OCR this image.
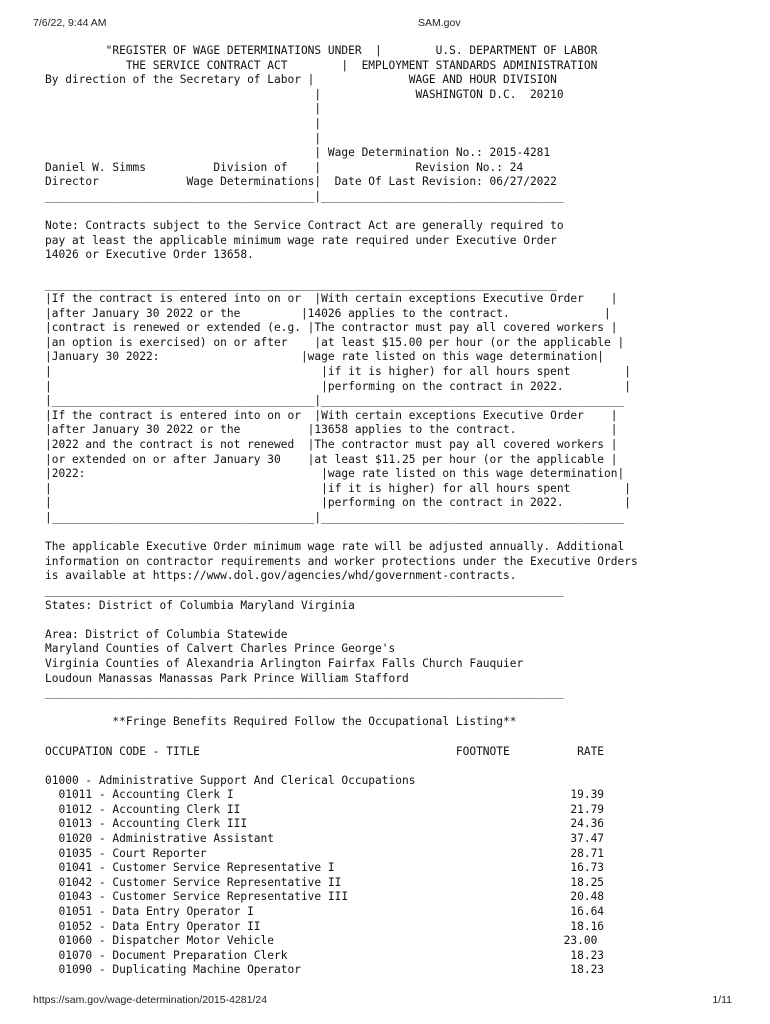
7/6/22, 9:44 AM	SAM.gov
"REGISTER OF WAGE DETERMINATIONS UNDER  |        U.S. DEPARTMENT OF LABOR
THE SERVICE CONTRACT ACT        |  EMPLOYMENT STANDARDS ADMINISTRATION
By direction of the Secretary of Labor |              WAGE AND HOUR DIVISION
|              WASHINGTON D.C.  20210
|
|
|
| Wage Determination No.: 2015-4281
Daniel W. Simms          Division of    |              Revision No.: 24
Director             Wage Determinations|  Date Of Last Revision: 06/27/2022
________________________________________|____________________________________
Note: Contracts subject to the Service Contract Act are generally required to
pay at least the applicable minimum wage rate required under Executive Order
14026 or Executive Order 13658.
____________________________________________________________________________
|If the contract is entered into on or  |With certain exceptions Executive Order    |
|after January 30 2022 or the         |14026 applies to the contract.              |
|contract is renewed or extended (e.g. |The contractor must pay all covered workers |
|an option is exercised) on or after    |at least $15.00 per hour (or the applicable |
|January 30 2022:                     |wage rate listed on this wage determination|
|                                        |if it is higher) for all hours spent        |
|                                        |performing on the contract in 2022.         |
|_______________________________________|_____________________________________________
|If the contract is entered into on or  |With certain exceptions Executive Order    |
|after January 30 2022 or the          |13658 applies to the contract.              |
|2022 and the contract is not renewed  |The contractor must pay all covered workers |
|or extended on or after January 30    |at least $11.25 per hour (or the applicable |
|2022:                                   |wage rate listed on this wage determination|
|                                        |if it is higher) for all hours spent        |
|                                        |performing on the contract in 2022.         |
|_______________________________________|_____________________________________________
The applicable Executive Order minimum wage rate will be adjusted annually. Additional
information on contractor requirements and worker protections under the Executive Orders
is available at https://www.dol.gov/agencies/whd/government-contracts.
_____________________________________________________________________________
States: District of Columbia Maryland Virginia
Area: District of Columbia Statewide
Maryland Counties of Calvert Charles Prince George's
Virginia Counties of Alexandria Arlington Fairfax Falls Church Fauquier
Loudoun Manassas Manassas Park Prince William Stafford
_____________________________________________________________________________
**Fringe Benefits Required Follow the Occupational Listing**
OCCUPATION CODE - TITLE                                      FOOTNOTE          RATE
01000 - Administrative Support And Clerical Occupations
01011 - Accounting Clerk I                                                  19.39
01012 - Accounting Clerk II                                                 21.79
01013 - Accounting Clerk III                                                24.36
01020 - Administrative Assistant                                            37.47
01035 - Court Reporter                                                      28.71
01041 - Customer Service Representative I                                   16.73
01042 - Customer Service Representative II                                  18.25
01043 - Customer Service Representative III                                 20.48
01051 - Data Entry Operator I                                               16.64
01052 - Data Entry Operator II                                              18.16
01060 - Dispatcher Motor Vehicle                                           23.00
01070 - Document Preparation Clerk                                          18.23
01090 - Duplicating Machine Operator                                        18.23
https://sam.gov/wage-determination/2015-4281/24	1/11
